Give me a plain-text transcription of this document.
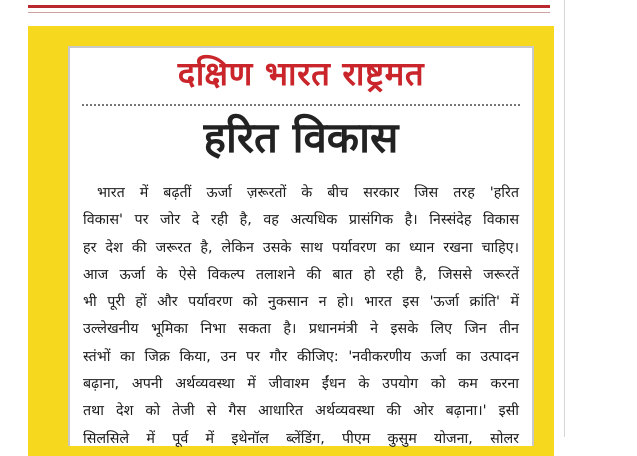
दक्षिण भारत राष्ट्रमत
हरित विकास
भारत में बढ़तीं ऊर्जा ज़रूरतों के बीच सरकार जिस तरह 'हरित
विकास' पर जोर दे रही है, वह अत्यधिक प्रासंगिक है। निस्संदेह विकास
हर देश की जरूरत है, लेकिन उसके साथ पर्यावरण का ध्यान रखना चाहिए।
आज ऊर्जा के ऐसे विकल्प तलाशने की बात हो रही है, जिससे जरूरतें
भी पूरी हों और पर्यावरण को नुकसान न हो। भारत इस 'ऊर्जा क्रांति' में
उल्लेखनीय भूमिका निभा सकता है। प्रधानमंत्री ने इसके लिए जिन तीन
स्तंभों का जिक्र किया, उन पर गौर कीजिए: 'नवीकरणीय ऊर्जा का उत्पादन
बढ़ाना, अपनी अर्थव्यवस्था में जीवाश्म ईंधन के उपयोग को कम करना
तथा देश को तेजी से गैस आधारित अर्थव्यवस्था की ओर बढ़ाना।' इसी
सिलसिले में पूर्व में इथेनॉल ब्लेंडिंग, पीएम कुसुम योजना, सोलर
